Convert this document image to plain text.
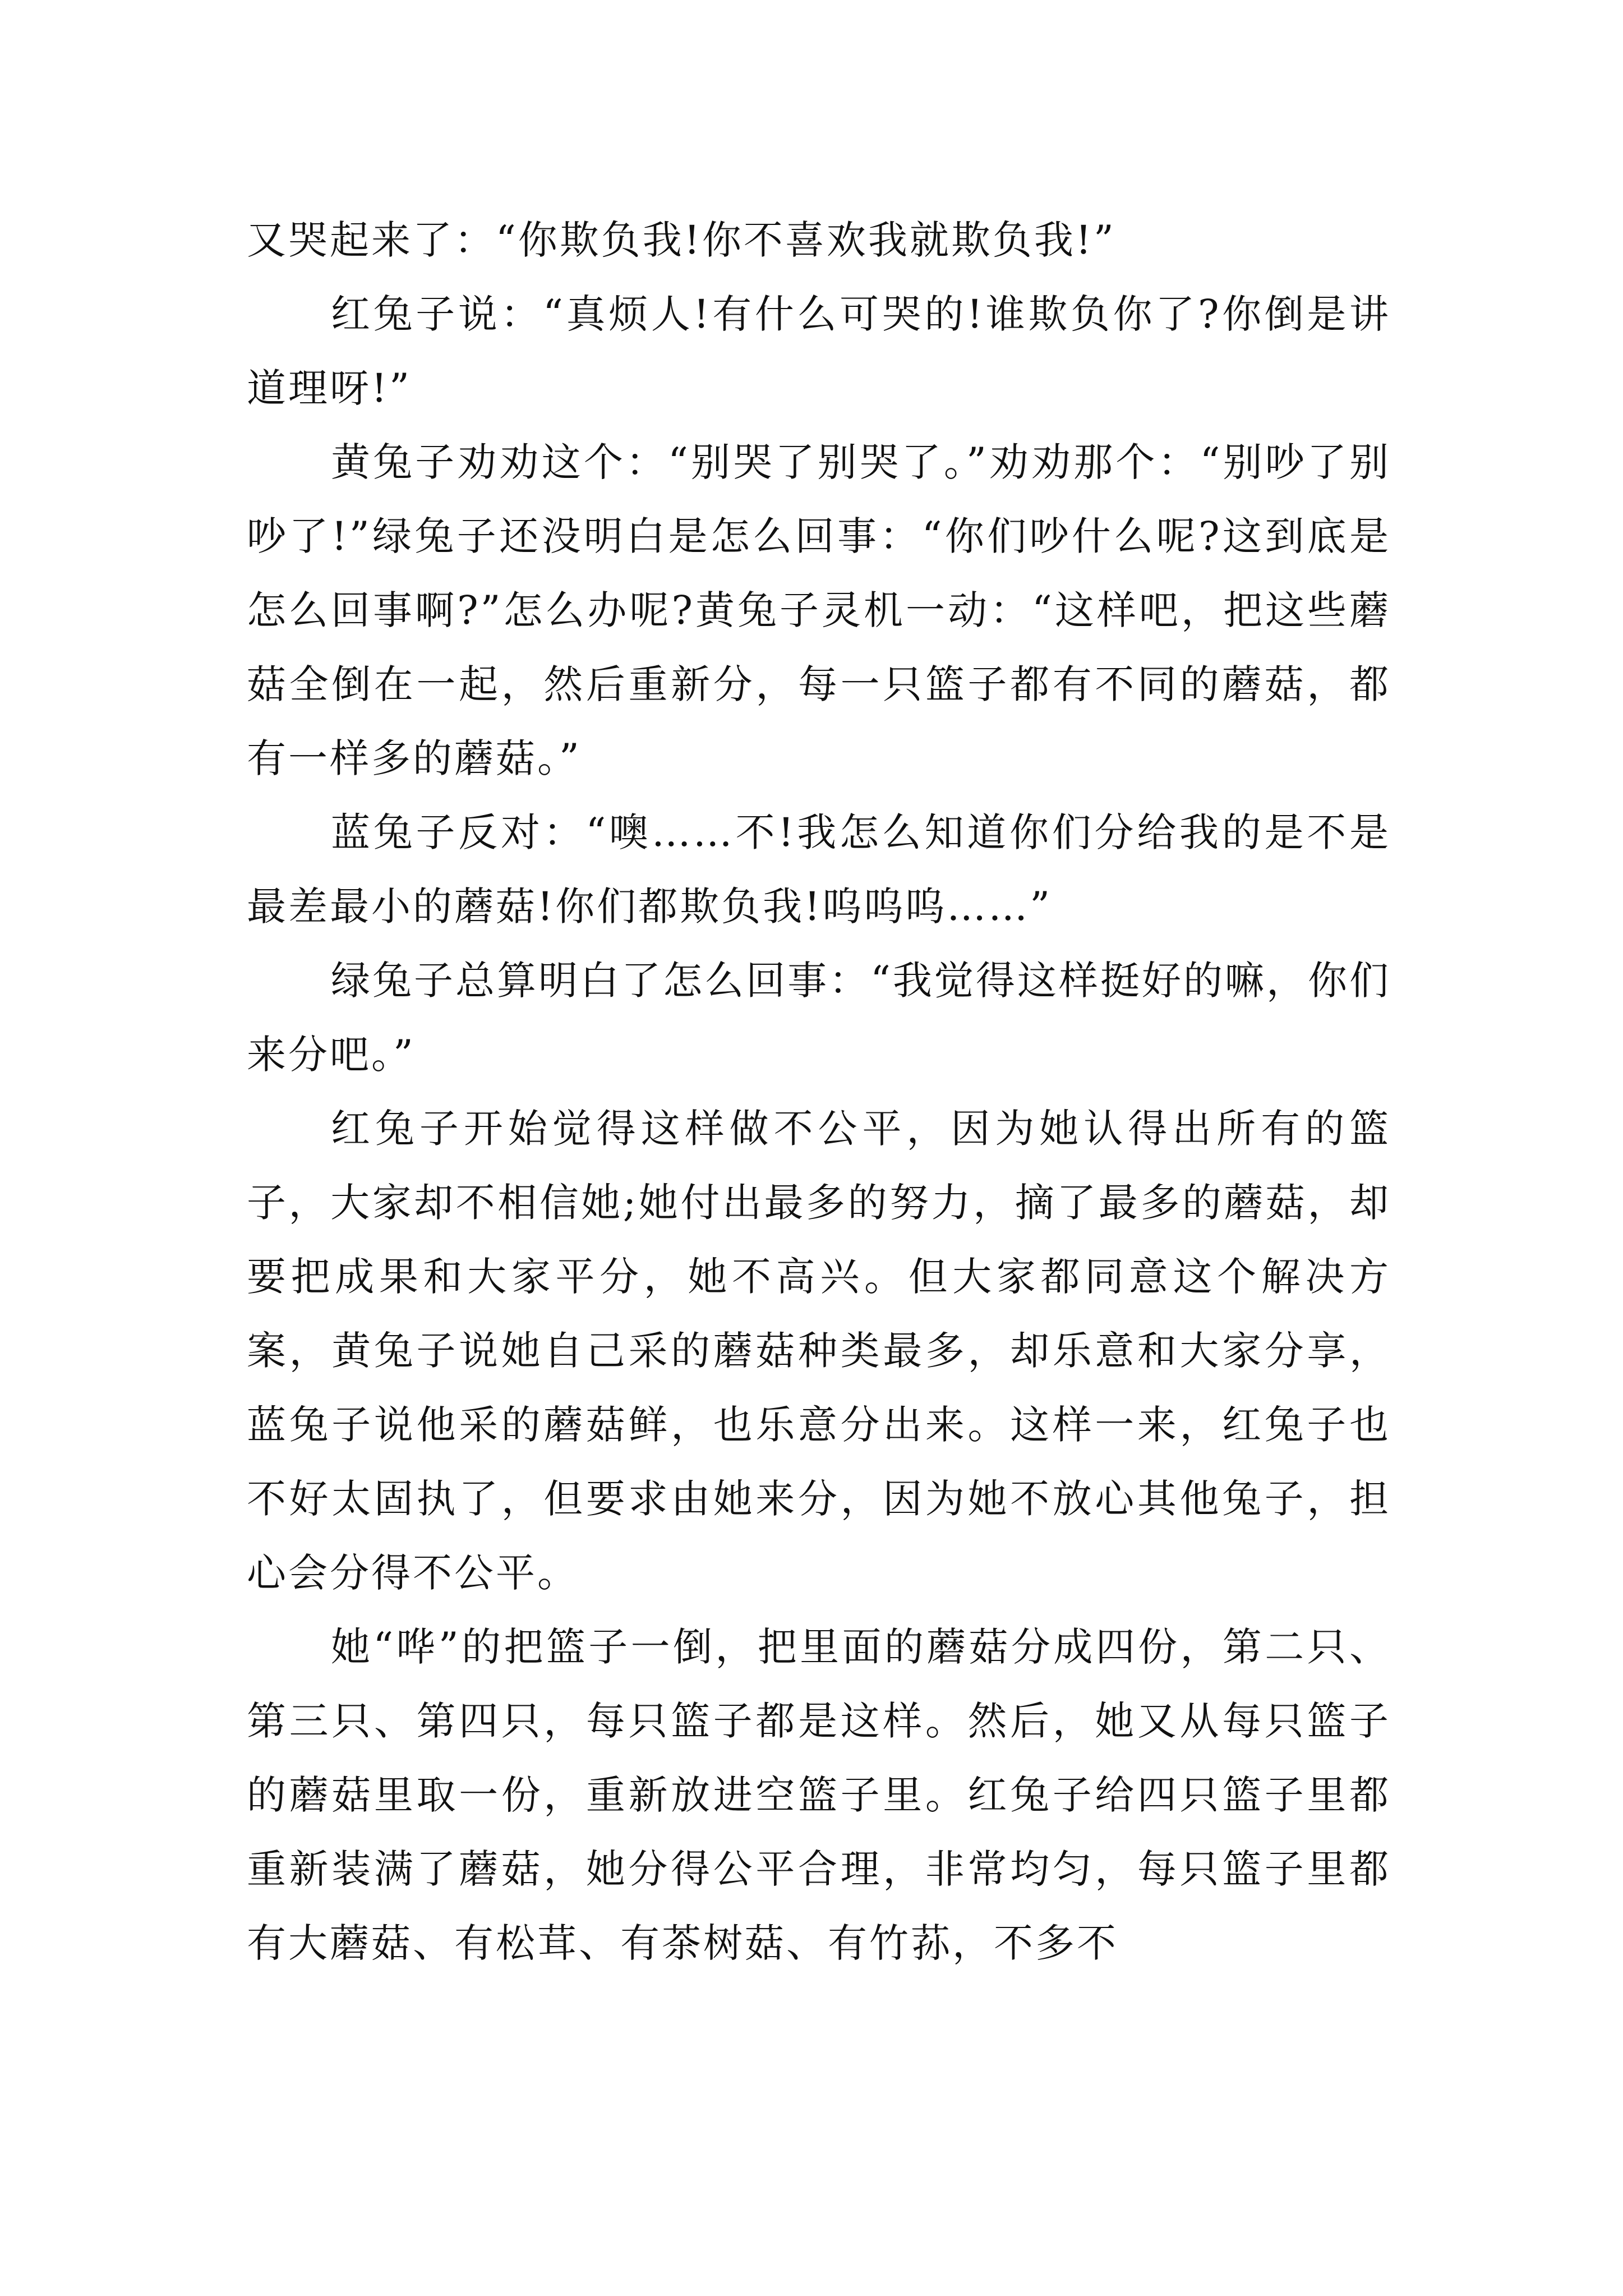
又哭起来了：“你欺负我!你不喜欢我就欺负我!”

红兔子说：“真烦人!有什么可哭的!谁欺负你了?你倒是讲道理呀!”

黄兔子劝劝这个：“别哭了别哭了。”劝劝那个：“别吵了别吵了!”绿兔子还没明白是怎么回事：“你们吵什么呢?这到底是怎么回事啊?”怎么办呢?黄兔子灵机一动：“这样吧，把这些蘑菇全倒在一起，然后重新分，每一只篮子都有不同的蘑菇，都有一样多的蘑菇。”

蓝兔子反对：“噢……不!我怎么知道你们分给我的是不是最差最小的蘑菇!你们都欺负我!呜呜呜……”

绿兔子总算明白了怎么回事：“我觉得这样挺好的嘛，你们来分吧。”

红兔子开始觉得这样做不公平，因为她认得出所有的篮子，大家却不相信她;她付出最多的努力，摘了最多的蘑菇，却要把成果和大家平分，她不高兴。但大家都同意这个解决方案，黄兔子说她自己采的蘑菇种类最多，却乐意和大家分享，蓝兔子说他采的蘑菇鲜，也乐意分出来。这样一来，红兔子也不好太固执了，但要求由她来分，因为她不放心其他兔子，担心会分得不公平。

她“哗”的把篮子一倒，把里面的蘑菇分成四份，第二只、第三只、第四只，每只篮子都是这样。然后，她又从每只篮子的蘑菇里取一份，重新放进空篮子里。红兔子给四只篮子里都重新装满了蘑菇，她分得公平合理，非常均匀，每只篮子里都有大蘑菇、有松茸、有茶树菇、有竹荪，不多不
